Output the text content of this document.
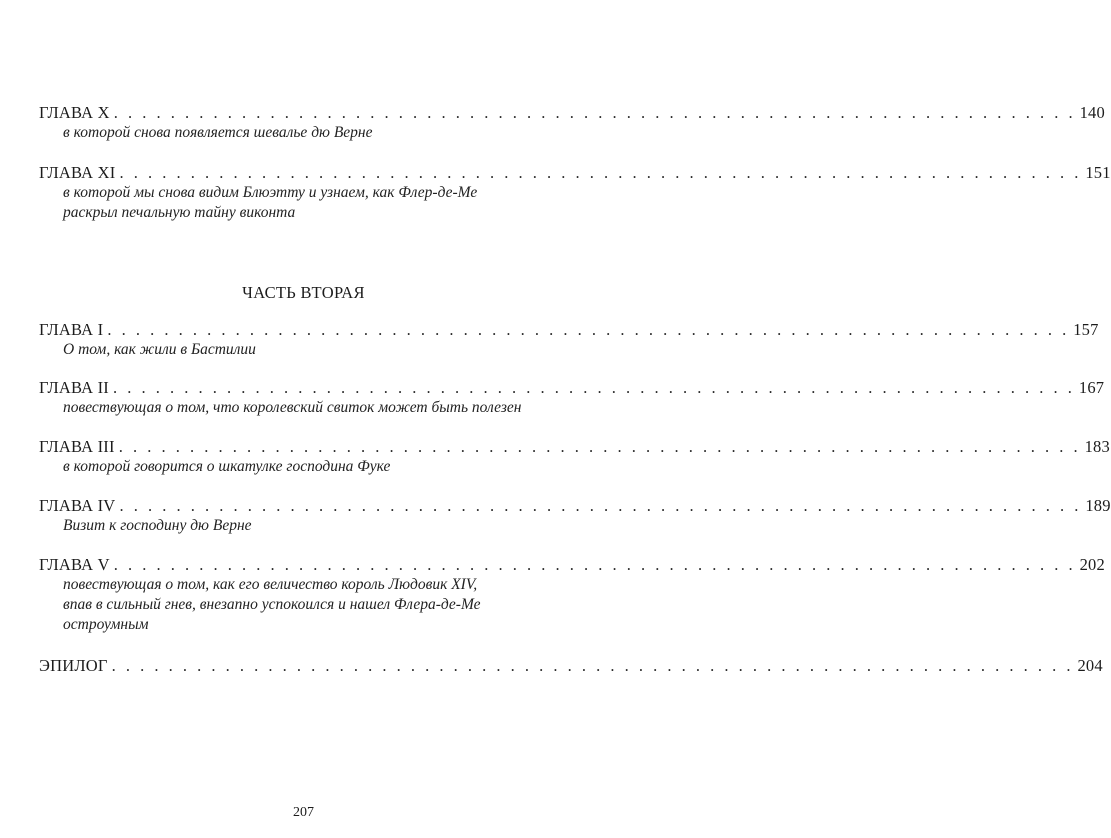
ГЛАВА X . . . . . . . . . . . . . . . . . . . . . . . . . . . . . . . . . . . . . . . . . . . . . . . . . . . . . . . . . . . . . . . . . . . . 140
в которой снова появляется шевалье дю Верне
ГЛАВА XI . . . . . . . . . . . . . . . . . . . . . . . . . . . . . . . . . . . . . . . . . . . . . . . . . . . . . . . . . . . . . . . . . . . . 151
в которой мы снова видим Блюэтту и узнаем, как Флер-де-Ме
раскрыл печальную тайну виконта
ЧАСТЬ ВТОРАЯ
ГЛАВА I . . . . . . . . . . . . . . . . . . . . . . . . . . . . . . . . . . . . . . . . . . . . . . . . . . . . . . . . . . . . . . . . . . . . 157
О том, как жили в Бастилии
ГЛАВА II . . . . . . . . . . . . . . . . . . . . . . . . . . . . . . . . . . . . . . . . . . . . . . . . . . . . . . . . . . . . . . . . . . . . 167
повествующая о том, что королевский свиток может быть полезен
ГЛАВА III . . . . . . . . . . . . . . . . . . . . . . . . . . . . . . . . . . . . . . . . . . . . . . . . . . . . . . . . . . . . . . . . . . . . 183
в которой говорится о шкатулке господина Фуке
ГЛАВА IV . . . . . . . . . . . . . . . . . . . . . . . . . . . . . . . . . . . . . . . . . . . . . . . . . . . . . . . . . . . . . . . . . . . . 189
Визит к господину дю Верне
ГЛАВА V . . . . . . . . . . . . . . . . . . . . . . . . . . . . . . . . . . . . . . . . . . . . . . . . . . . . . . . . . . . . . . . . . . . . 202
повествующая о том, как его величество король Людовик XIV,
впав в сильный гнев, внезапно успокоился и нашел Флера-де-Ме
остроумным
ЭПИЛОГ . . . . . . . . . . . . . . . . . . . . . . . . . . . . . . . . . . . . . . . . . . . . . . . . . . . . . . . . . . . . . . . . . . . . 204
207
